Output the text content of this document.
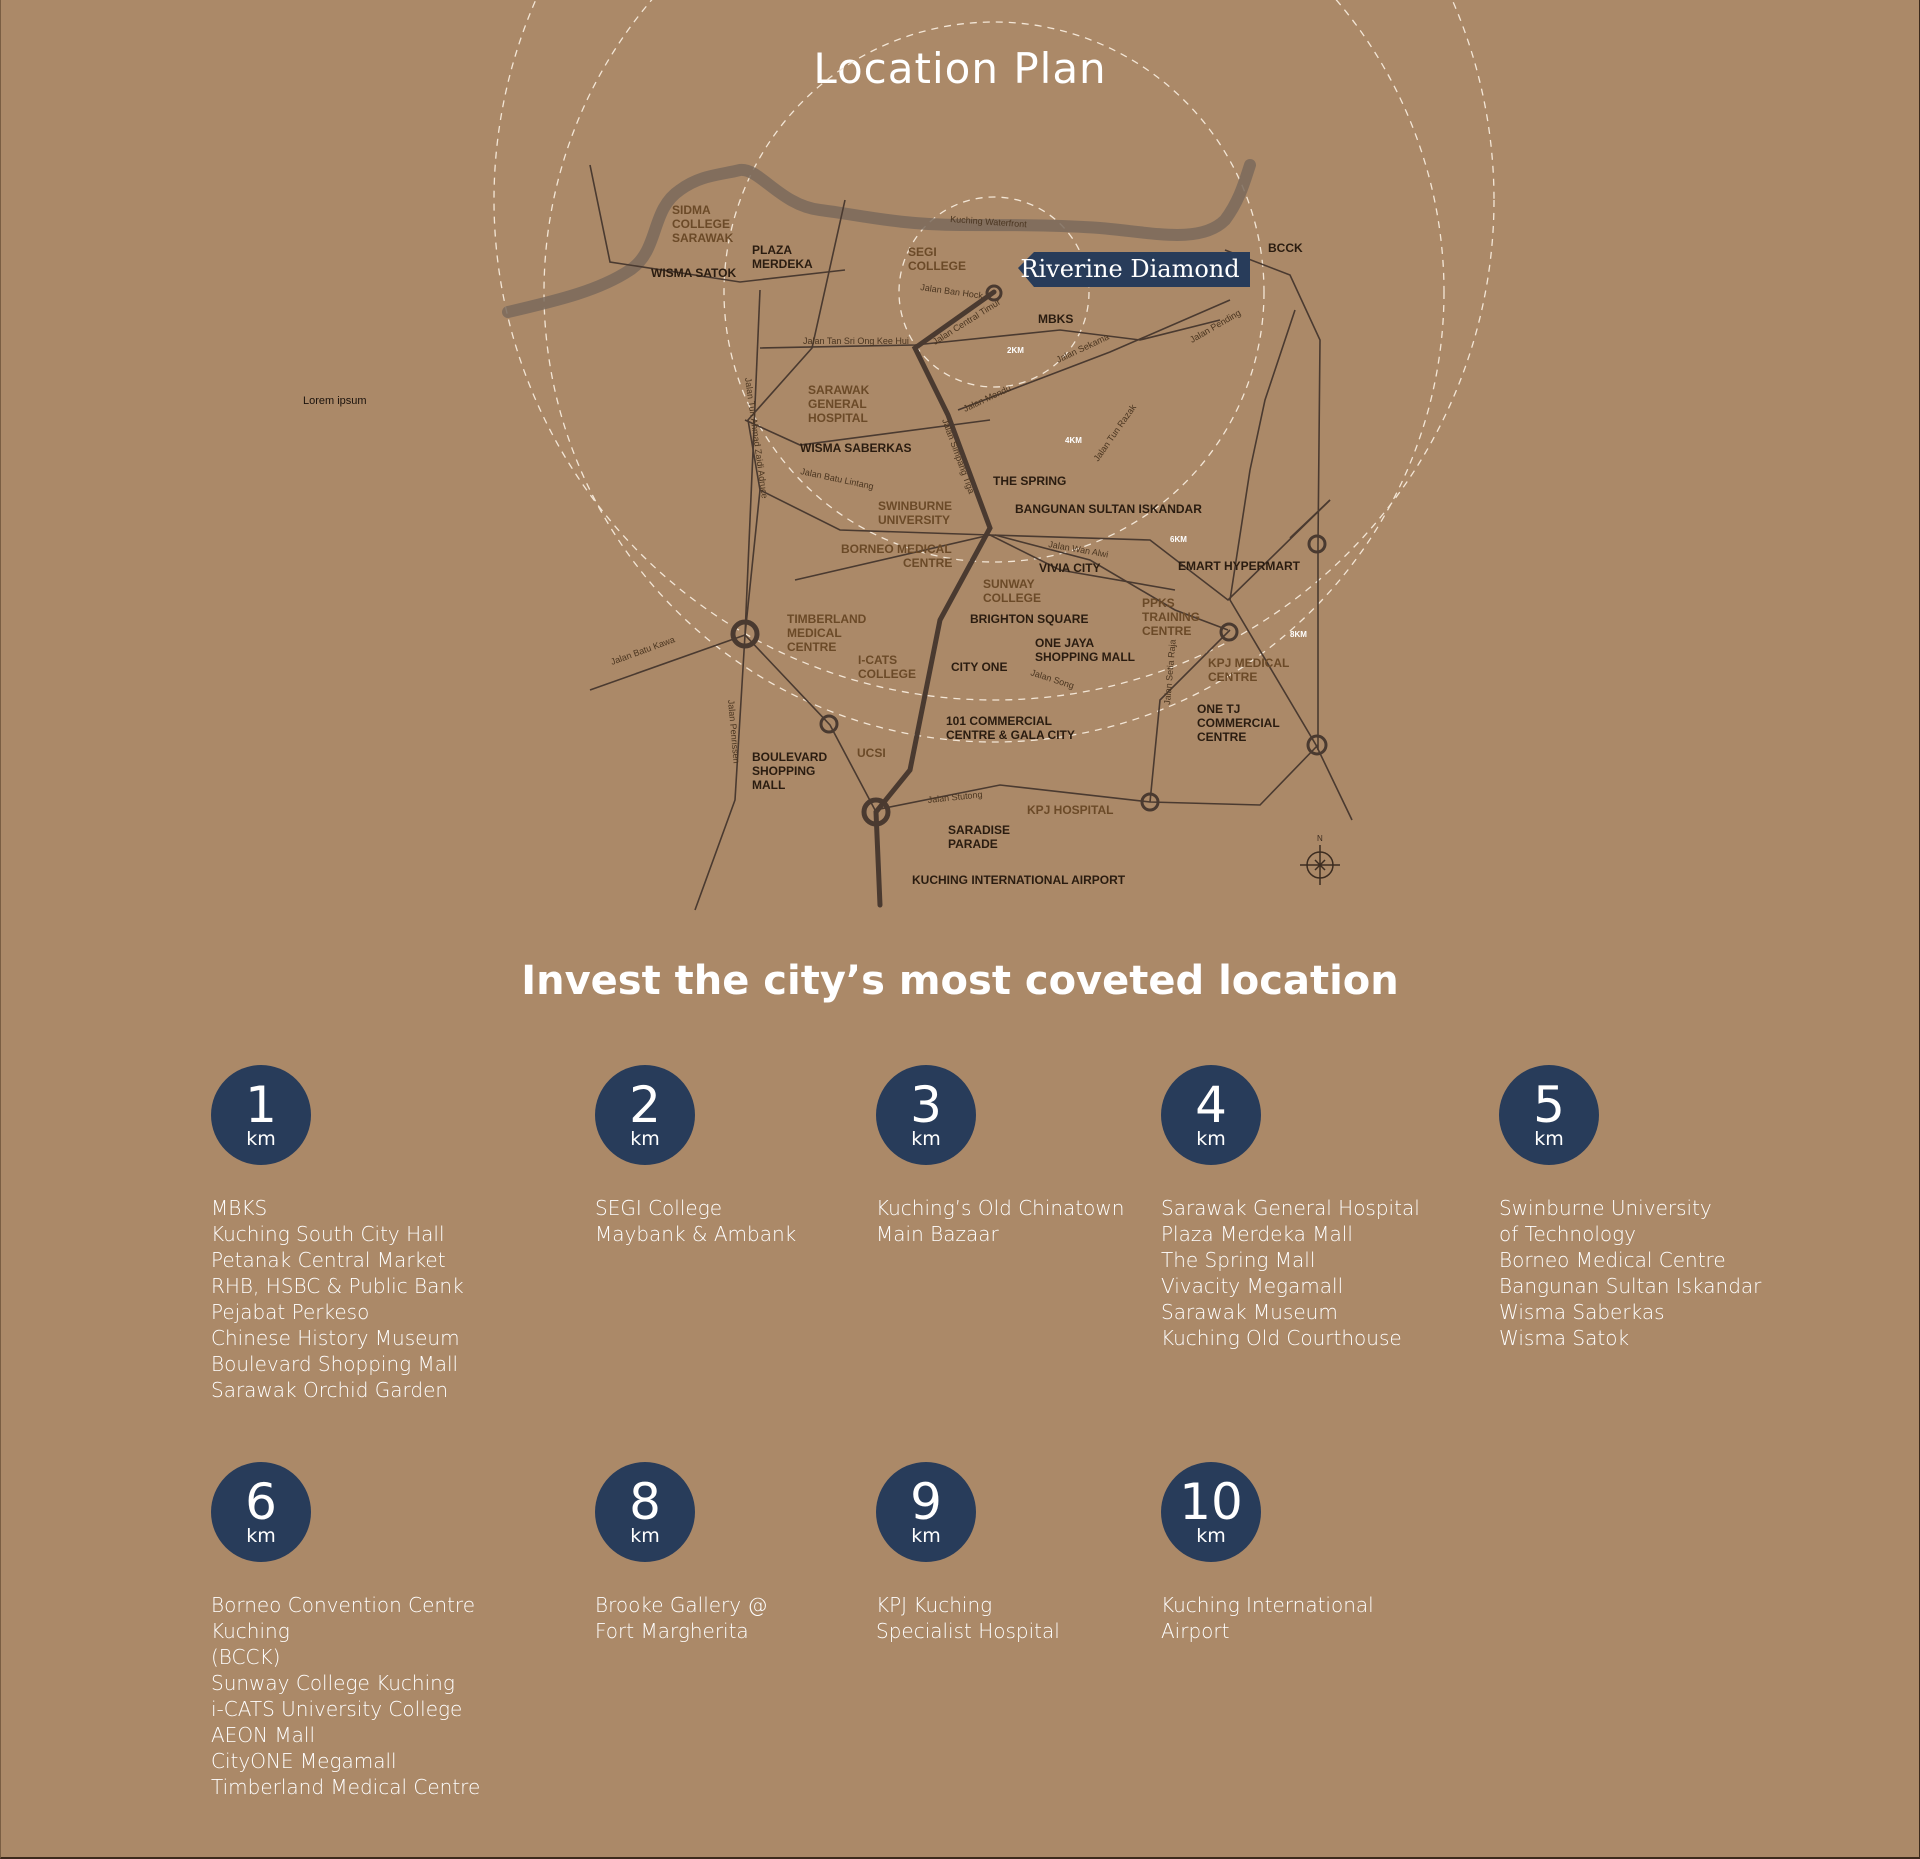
Location Plan
Riverine Diamond
2KM
4KM
6KM
8KM
SIDMA
COLLEGE
SARAWAK
WISMA SATOK
PLAZA
MERDEKA
SEGI
COLLEGE
BCCK
MBKS
SARAWAK
GENERAL
HOSPITAL
WISMA SABERKAS
THE SPRING
SWINBURNE
UNIVERSITY
BANGUNAN SULTAN ISKANDAR
BORNEO MEDICAL
CENTRE	VIVIA CITY	EMART HYPERMART
SUNWAY
COLLEGE	PPKS
TRAINING
CENTRE
TIMBERLAND
MEDICAL
CENTRE
BRIGHTON SQUARE
ONE JAYA
SHOPPING MALL
I-CATS
COLLEGE	CITY ONE	KPJ MEDICAL
CENTRE
ONE TJ
COMMERCIAL
CENTRE
101 COMMERCIAL
CENTRE & GALA CITY
BOULEVARD
SHOPPING
MALL
UCSI
KPJ HOSPITAL
SARADISE
PARADE
KUCHING INTERNATIONAL AIRPORT
Jalan Ban Hock
Jalan Tan Sri Ong Kee Hui Jalan Central Timur
Jalan Sekama
Jalan Pending
Jalan Mendu
Jalan Tun Ahmad Zaidi Adruce	Jalan Batu Lintang
Jalan Tun Razak
Jalan Wan Alwi
Jalan Song
Jalan Batu Kawa
Jalan Penrissen
Jalan Stutong
Jalan Simpang Tiga
Jalan Setia Raja
Kuching Waterfront
N
Lorem ipsum
Invest the city’s most coveted location
1
km
MBKS
Kuching South City Hall
Petanak Central Market
RHB, HSBC & Public Bank
Pejabat Perkeso
Chinese History Museum
Boulevard Shopping Mall
Sarawak Orchid Garden
2
km
SEGI College
Maybank & Ambank
3
km
Kuching’s Old Chinatown
Main Bazaar
4
km
Sarawak General Hospital
Plaza Merdeka Mall
The Spring Mall
Vivacity Megamall
Sarawak Museum
Kuching Old Courthouse
5
km
Swinburne University
of Technology
Borneo Medical Centre
Bangunan Sultan Iskandar
Wisma Saberkas
Wisma Satok
6
km
Borneo Convention Centre Kuching
(BCCK)
Sunway College Kuching
i-CATS University College
AEON Mall
CityONE Megamall
Timberland Medical Centre
8
km
Brooke Gallery @
Fort Margherita
9
km
KPJ Kuching
Specialist Hospital
10
km
Kuching International
Airport
